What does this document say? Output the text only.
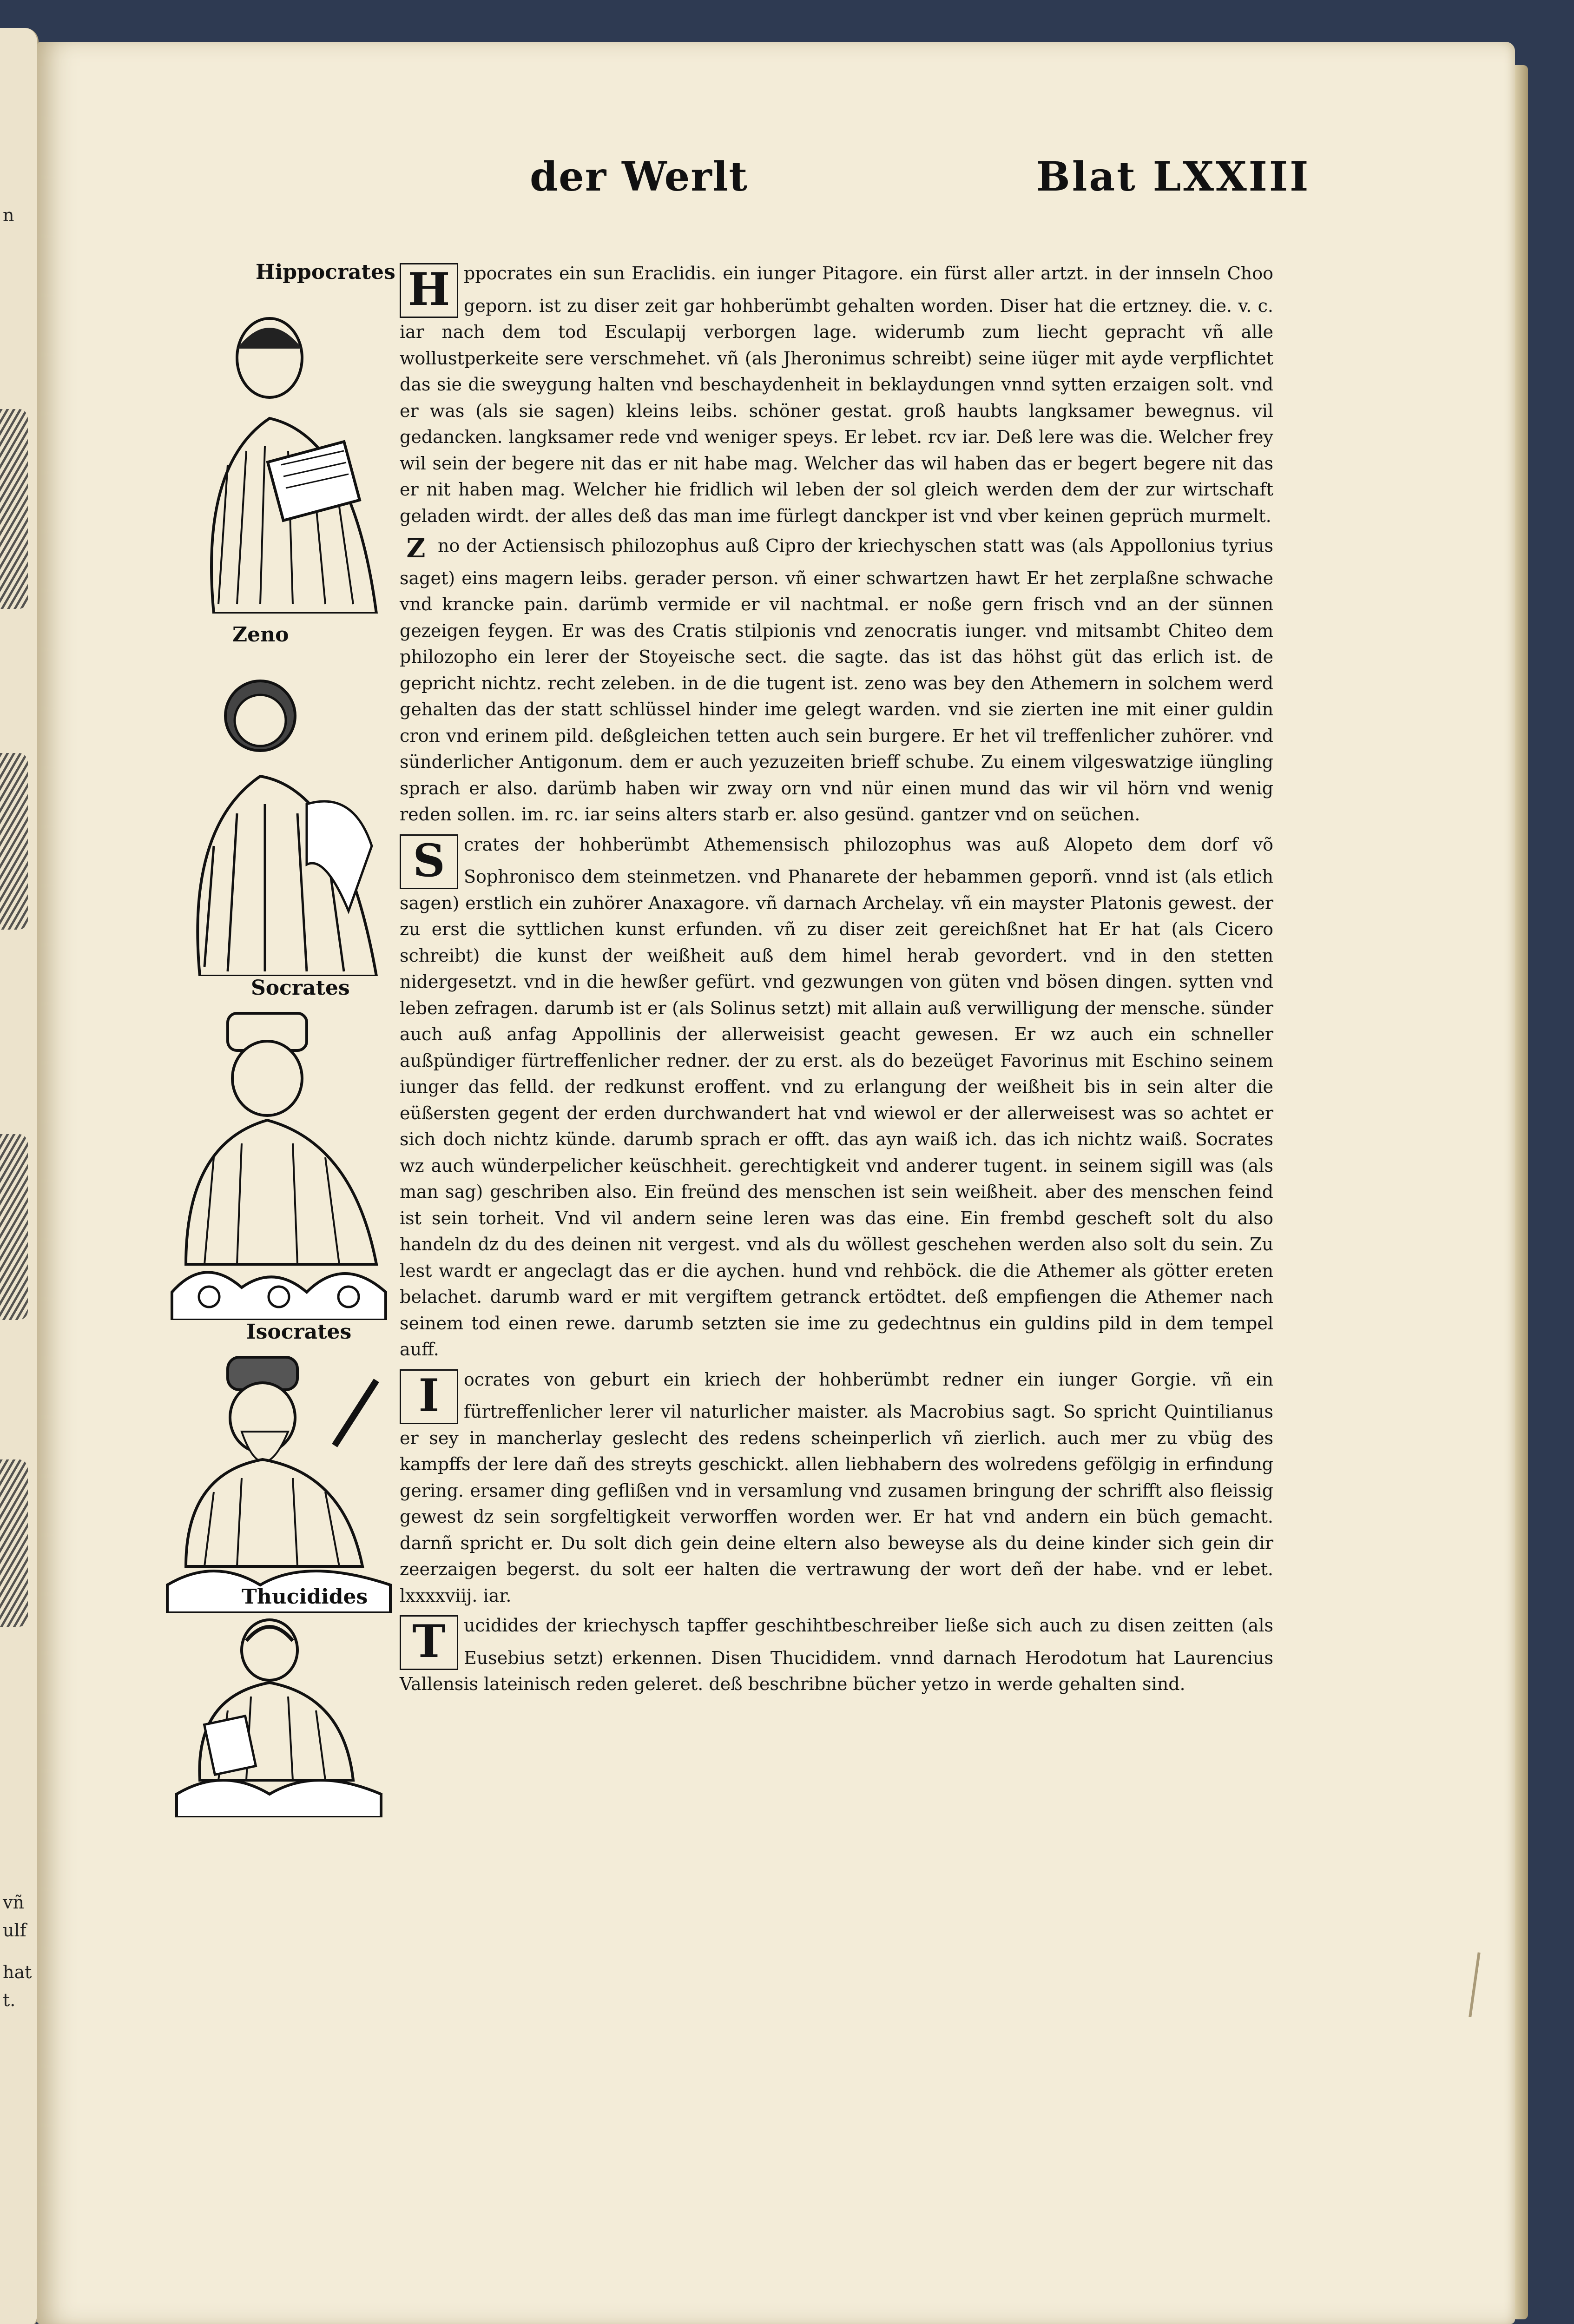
n
vñ
ulf
hat
t.
der Werlt	Blat LXXIII
Hippocrates
Zeno
Socrates
Isocrates
Thucidides
H
ippocrates ein sun Eraclidis. ein iunger Pitagore. ein fürst aller artzt. in der innseln Choo geporn. ist zu diser zeit gar hohberümbt gehalten worden. Diser hat die ertzney. die. v. c. iar nach dem tod Esculapij verborgen lage. widerumb zum liecht gepracht vñ alle wollustperkeite sere verschmehet. vñ (als Jheronimus schreibt) seine iüger mit ayde verpflichtet das sie die sweygung halten vnd beschaydenheit in beklaydungen vnnd sytten erzaigen solt. vnd er was (als sie sagen) kleins leibs. schöner gestat. groß haubts langksamer bewegnus. vil gedancken. langksamer rede vnd weniger speys. Er lebet. rcv iar. Deß lere was die. Welcher frey wil sein der begere nit das er nit habe mag. Welcher das wil haben das er begert begere nit das er nit haben mag. Welcher hie fridlich wil leben der sol gleich werden dem der zur wirtschaft geladen wirdt. der alles deß das man ime fürlegt danckper ist vnd vber keinen geprüch murmelt.
Z
eno der Actiensisch philozophus auß Cipro der kriechyschen statt was (als Appollonius tyrius saget) eins magern leibs. gerader person. vñ einer schwartzen hawt Er het zerplaßne schwache vnd krancke pain. darümb vermide er vil nachtmal. er noße gern frisch vnd an der sünnen gezeigen feygen. Er was des Cratis stilpionis vnd zenocratis iunger. vnd mitsambt Chiteo dem philozopho ein lerer der Stoyeische sect. die sagte. das ist das höhst güt das erlich ist. de gepricht nichtz. recht zeleben. in de die tugent ist. zeno was bey den Athemern in solchem werd gehalten das der statt schlüssel hinder ime gelegt warden. vnd sie zierten ine mit einer guldin cron vnd erinem pild. deßgleichen tetten auch sein burgere. Er het vil treffenlicher zuhörer. vnd sünderlicher Antigonum. dem er auch yezuzeiten brieff schube. Zu einem vilgeswatzige iüngling sprach er also. darümb haben wir zway orn vnd nür einen mund das wir vil hörn vnd wenig reden sollen. im. rc. iar seins alters starb er. also gesünd. gantzer vnd on seüchen.
S
ocrates der hohberümbt Athemensisch philozophus was auß Alopeto dem dorf võ Sophronisco dem steinmetzen. vnd Phanarete der hebammen geporñ. vnnd ist (als etlich sagen) erstlich ein zuhörer Anaxagore. vñ darnach Archelay. vñ ein mayster Platonis gewest. der zu erst die syttlichen kunst erfunden. vñ zu diser zeit gereichßnet hat Er hat (als Cicero schreibt) die kunst der weißheit auß dem himel herab gevordert. vnd in den stetten nidergesetzt. vnd in die hewßer gefürt. vnd gezwungen von güten vnd bösen dingen. sytten vnd leben zefragen. darumb ist er (als Solinus setzt) mit allain auß verwilligung der mensche. sünder auch auß anfag Appollinis der allerweisist geacht gewesen. Er wz auch ein schneller außpündiger fürtreffenlicher redner. der zu erst. als do bezeüget Favorinus mit Eschino seinem iunger das felld. der redkunst eroffent. vnd zu erlangung der weißheit bis in sein alter die eüßersten gegent der erden durchwandert hat vnd wiewol er der allerweisest was so achtet er sich doch nichtz künde. darumb sprach er offt. das ayn waiß ich. das ich nichtz waiß. Socrates wz auch wünderpelicher keüschheit. gerechtigkeit vnd anderer tugent. in seinem sigill was (als man sag) geschriben also. Ein freünd des menschen ist sein weißheit. aber des menschen feind ist sein torheit. Vnd vil andern seine leren was das eine. Ein frembd gescheft solt du also handeln dz du des deinen nit vergest. vnd als du wöllest geschehen werden also solt du sein. Zu lest wardt er angeclagt das er die aychen. hund vnd rehböck. die die Athemer als götter ereten belachet. darumb ward er mit vergiftem getranck ertödtet. deß empfiengen die Athemer nach seinem tod einen rewe. darumb setzten sie ime zu gedechtnus ein guldins pild in dem tempel auff.
I
socrates von geburt ein kriech der hohberümbt redner ein iunger Gorgie. vñ ein fürtreffenlicher lerer vil naturlicher maister. als Macrobius sagt. So spricht Quintilianus er sey in mancherlay geslecht des redens scheinperlich vñ zierlich. auch mer zu vbüg des kampffs der lere dañ des streyts geschickt. allen liebhabern des wolredens gefölgig in erfindung gering. ersamer ding geflißen vnd in versamlung vnd zusamen bringung der schrifft also fleissig gewest dz sein sorgfeltigkeit verworffen worden wer. Er hat vnd andern ein büch gemacht. darnñ spricht er. Du solt dich gein deine eltern also beweyse als du deine kinder sich gein dir zeerzaigen begerst. du solt eer halten die vertrawung der wort deñ der habe. vnd er lebet. lxxxxviij. iar.
T
hucidides der kriechysch tapffer geschihtbeschreiber ließe sich auch zu disen zeitten (als Eusebius setzt) erkennen. Disen Thucididem. vnnd darnach Herodotum hat Laurencius Vallensis lateinisch reden geleret. deß beschribne bücher yetzo in werde gehalten sind.
